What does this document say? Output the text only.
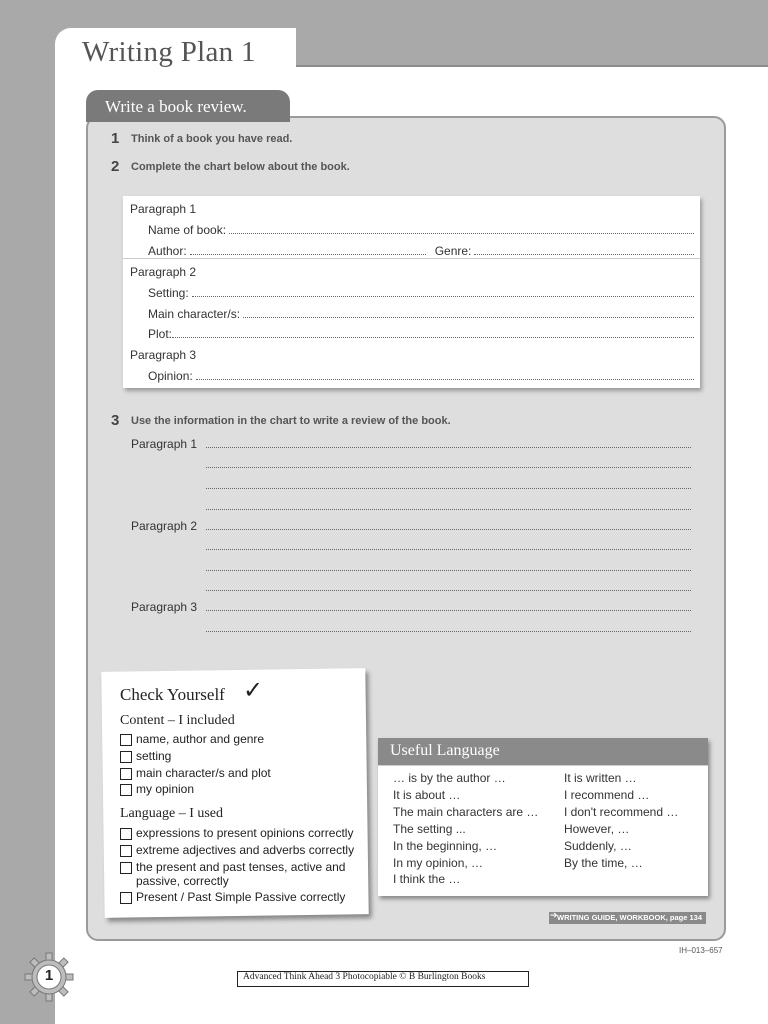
Writing Plan 1
Write a book review.
1 Think of a book you have read.
2 Complete the chart below about the book.
Paragraph 1
Name of book:
Author:	Genre:
Paragraph 2
Setting:
Main character/s:
Plot:
Paragraph 3
Opinion:
3 Use the information in the chart to write a review of the book.
Paragraph 1
Paragraph 2
Paragraph 3
Check Yourself ✓
Content – I included
name, author and genre
setting
main character/s and plot
my opinion
Language – I used
expressions to present opinions correctly
extreme adjectives and adverbs correctly
the present and past tenses, active and passive, correctly
Present / Past Simple Passive correctly
Useful Language
… is by the author …
It is about …
The main characters are …
The setting ...
In the beginning, …
In my opinion, …
I think the …
It is written …
I recommend …
I don't recommend …
However, …
Suddenly, …
By the time, …
➔ WRITING GUIDE, WORKBOOK, page 134
IH–013–657
Advanced Think Ahead 3 Photocopiable © B Burlington Books
1
